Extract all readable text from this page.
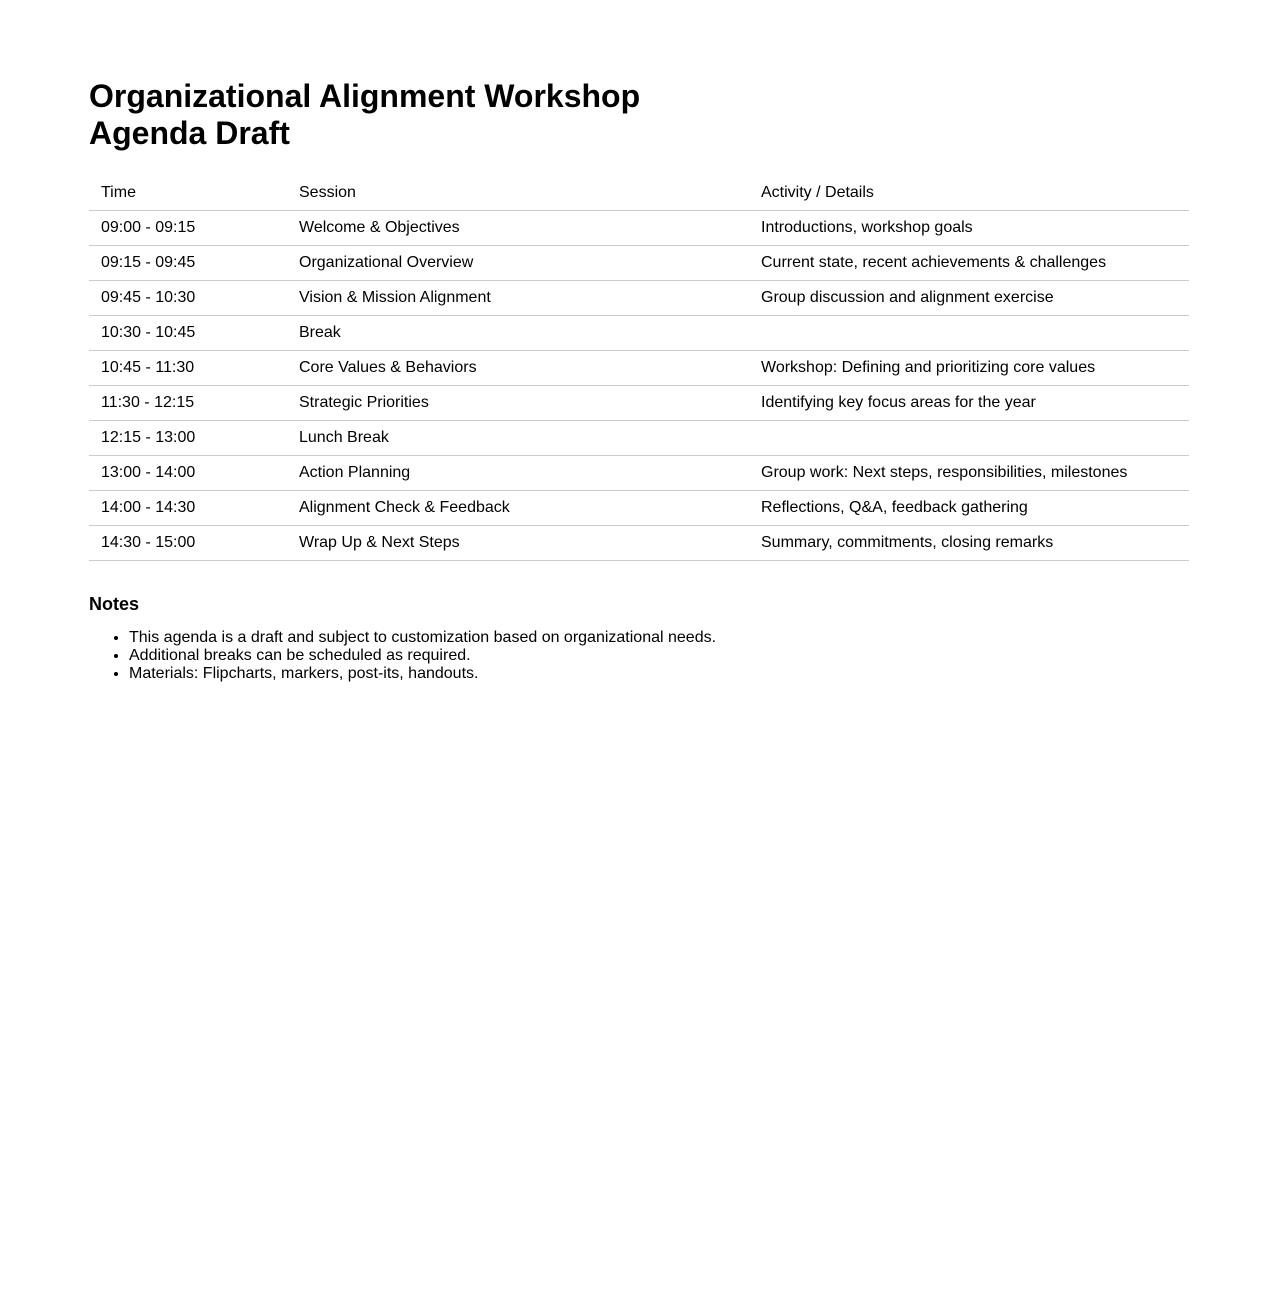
Organizational Alignment Workshop
Agenda Draft
Time	Session	Activity / Details
09:00 - 09:15	Welcome & Objectives	Introductions, workshop goals
09:15 - 09:45	Organizational Overview	Current state, recent achievements & challenges
09:45 - 10:30	Vision & Mission Alignment	Group discussion and alignment exercise
10:30 - 10:45	Break	
10:45 - 11:30	Core Values & Behaviors	Workshop: Defining and prioritizing core values
11:30 - 12:15	Strategic Priorities	Identifying key focus areas for the year
12:15 - 13:00	Lunch Break	
13:00 - 14:00	Action Planning	Group work: Next steps, responsibilities, milestones
14:00 - 14:30	Alignment Check & Feedback	Reflections, Q&A, feedback gathering
14:30 - 15:00	Wrap Up & Next Steps	Summary, commitments, closing remarks
Notes
• This agenda is a draft and subject to customization based on organizational needs.
• Additional breaks can be scheduled as required.
• Materials: Flipcharts, markers, post-its, handouts.
